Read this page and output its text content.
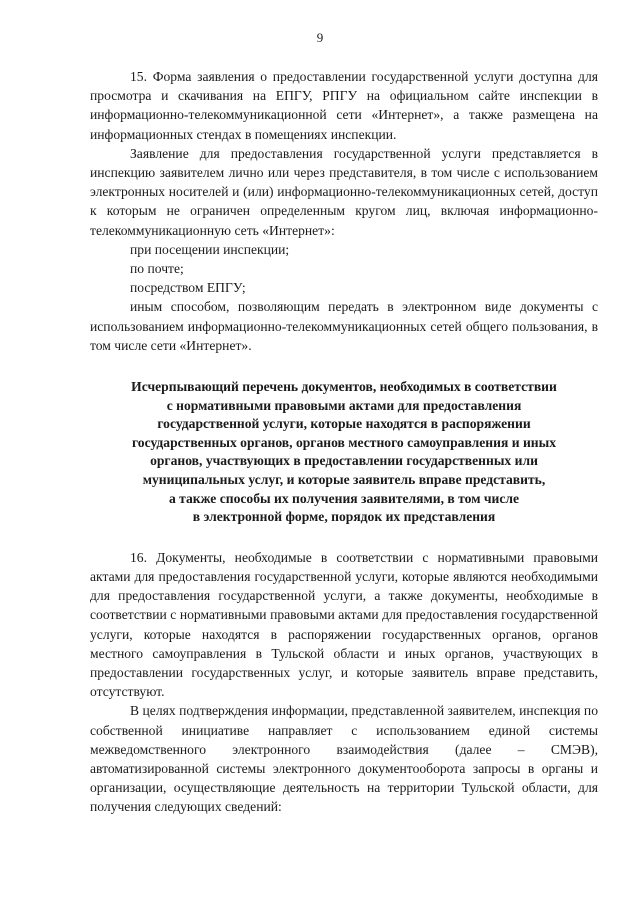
9

15. Форма заявления о предоставлении государственной услуги доступна для просмотра и скачивания на ЕПГУ, РПГУ на официальном сайте инспекции в информационно-телекоммуникационной сети «Интернет», а также размещена на информационных стендах в помещениях инспекции.

Заявление для предоставления государственной услуги представляется в инспекцию заявителем лично или через представителя, в том числе с использованием электронных носителей и (или) информационно-телекоммуникационных сетей, доступ к которым не ограничен определенным кругом лиц, включая информационно-телекоммуникационную сеть «Интернет»:

при посещении инспекции;

по почте;

посредством ЕПГУ;

иным способом, позволяющим передать в электронном виде документы с использованием информационно-телекоммуникационных сетей общего пользования, в том числе сети «Интернет».

Исчерпывающий перечень документов, необходимых в соответствии
с нормативными правовыми актами для предоставления
государственной услуги, которые находятся в распоряжении
государственных органов, органов местного самоуправления и иных
органов, участвующих в предоставлении государственных или
муниципальных услуг, и которые заявитель вправе представить,
а также способы их получения заявителями, в том числе
в электронной форме, порядок их представления

16. Документы, необходимые в соответствии с нормативными правовыми актами для предоставления государственной услуги, которые являются необходимыми для предоставления государственной услуги, а также документы, необходимые в соответствии с нормативными правовыми актами для предоставления государственной услуги, которые находятся в распоряжении государственных органов, органов местного самоуправления в Тульской области и иных органов, участвующих в предоставлении государственных услуг, и которые заявитель вправе представить, отсутствуют.

В целях подтверждения информации, представленной заявителем, инспекция по собственной инициативе направляет с использованием единой системы межведомственного электронного взаимодействия (далее – СМЭВ), автоматизированной системы электронного документооборота запросы в органы и организации, осуществляющие деятельность на территории Тульской области, для получения следующих сведений:
